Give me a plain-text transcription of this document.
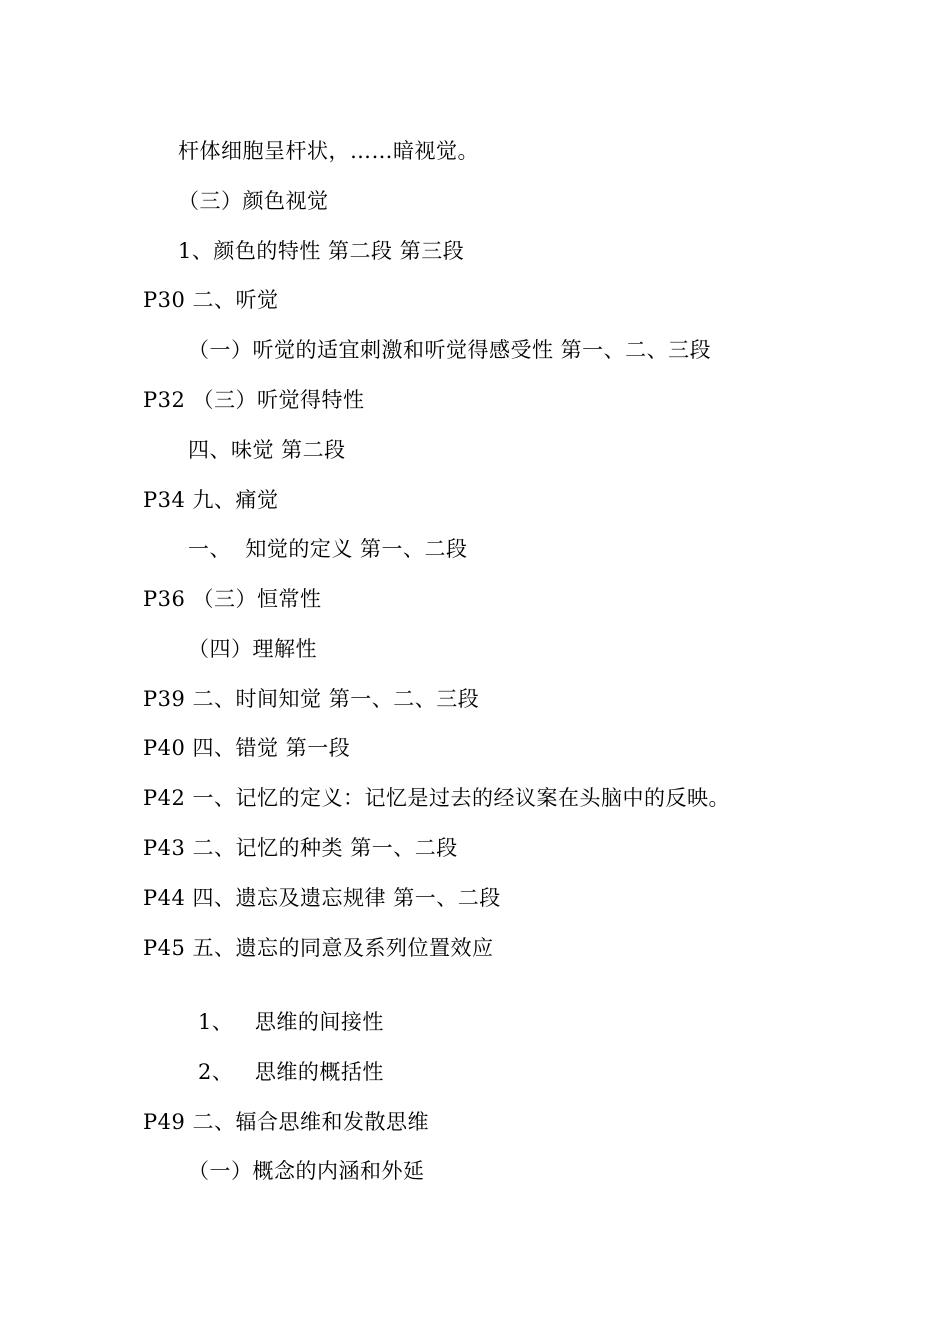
杆体细胞呈杆状，……暗视觉。
（三）颜色视觉
1、颜色的特性 第二段 第三段
P30 二、听觉
（一）听觉的适宜刺激和听觉得感受性 第一、二、三段
P32 （三）听觉得特性
四、味觉 第二段
P34 九、痛觉
一、  知觉的定义 第一、二段
P36 （三）恒常性
（四）理解性
P39 二、时间知觉 第一、二、三段
P40 四、错觉 第一段
P42 一、记忆的定义：记忆是过去的经议案在头脑中的反映。
P43 二、记忆的种类 第一、二段
P44 四、遗忘及遗忘规律 第一、二段
P45 五、遗忘的同意及系列位置效应
1、   思维的间接性
2、   思维的概括性
P49 二、辐合思维和发散思维
（一）概念的内涵和外延
